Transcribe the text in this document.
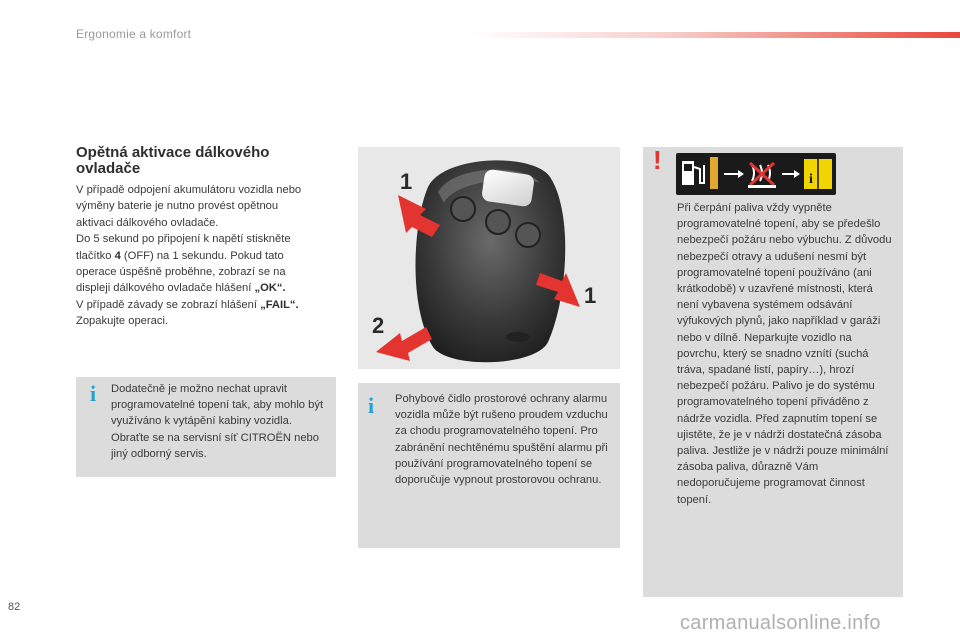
Ergonomie a komfort
Opětná aktivace dálkového ovladače

V případě odpojení akumulátoru vozidla nebo
výměny baterie je nutno provést opětnou
aktivaci dálkového ovladače.
Do 5 sekund po připojení k napětí stiskněte
tlačítko 4 (OFF) na 1 sekundu. Pokud tato
operace úspěšně proběhne, zobrazí se na
displeji dálkového ovladače hlášení „OK“.
V případě závady se zobrazí hlášení „FAIL“.
Zopakujte operaci.

1
1
2
i Dodatečně je možno nechat upravit programovatelné topení tak, aby mohlo být využíváno k vytápění kabiny vozidla. Obraťte se na servisní síť CITROËN nebo jiný odborný servis.

i Pohybové čidlo prostorové ochrany alarmu vozidla může být rušeno proudem vzduchu za chodu programovatelného topení. Pro zabránění nechtěnému spuštění alarmu při používání programovatelného topení se doporučuje vypnout prostorovou ochranu.

!
i

Při čerpání paliva vždy vypněte programovatelné topení, aby se předešlo nebezpečí požáru nebo výbuchu. Z důvodu nebezpečí otravy a udušení nesmí být programovatelné topení používáno (ani krátkodobě) v uzavřené místnosti, která není vybavena systémem odsávání výfukových plynů, jako například v garáži nebo v dílně. Neparkujte vozidlo na povrchu, který se snadno vznítí (suchá tráva, spadané listí, papíry…), hrozí nebezpečí požáru. Palivo je do systému programovatelného topení přiváděno z nádrže vozidla. Před zapnutím topení se ujistěte, že je v nádrži dostatečná zásoba paliva. Jestliže je v nádrži pouze minimální zásoba paliva, důrazně Vám nedoporučujeme programovat činnost topení.

82
carmanualsonline.info
